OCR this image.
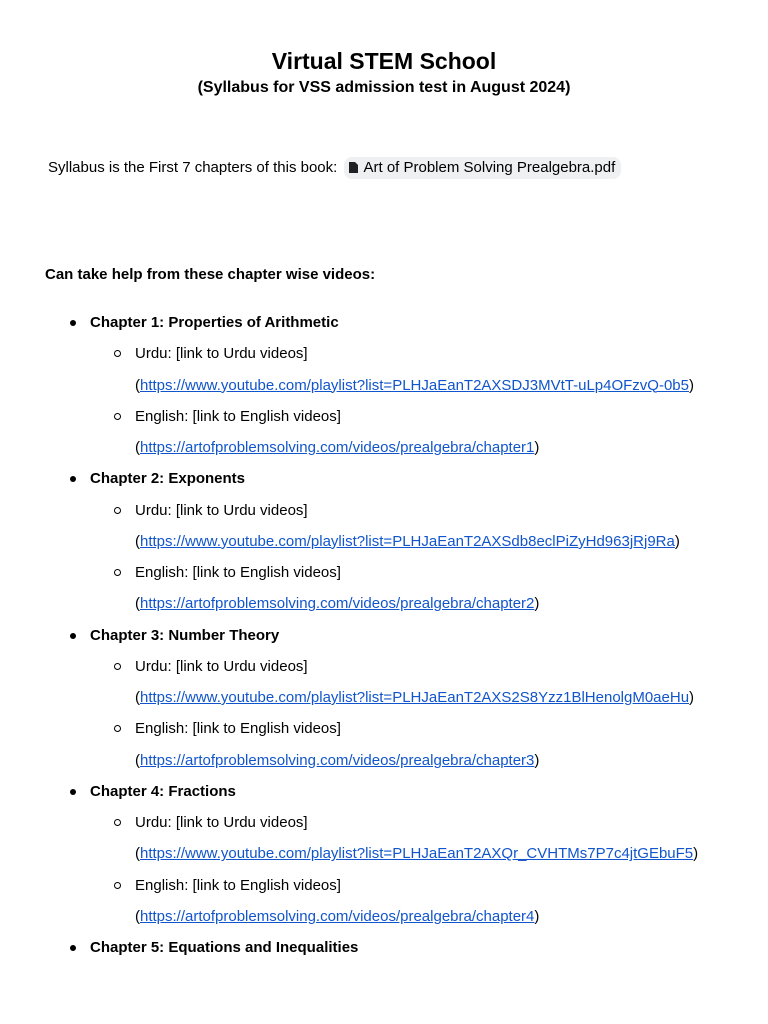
Virtual STEM School
(Syllabus for VSS admission test in August 2024)
Syllabus is the First 7 chapters of this book: Art of Problem Solving Prealgebra.pdf
Can take help from these chapter wise videos:
Chapter 1: Properties of Arithmetic
Urdu: [link to Urdu videos]
(https://www.youtube.com/playlist?list=PLHJaEanT2AXSDJ3MVtT-uLp4OFzvQ-0b5)
English: [link to English videos]
(https://artofproblemsolving.com/videos/prealgebra/chapter1)
Chapter 2: Exponents
Urdu: [link to Urdu videos]
(https://www.youtube.com/playlist?list=PLHJaEanT2AXSdb8eclPiZyHd963jRj9Ra)
English: [link to English videos]
(https://artofproblemsolving.com/videos/prealgebra/chapter2)
Chapter 3: Number Theory
Urdu: [link to Urdu videos]
(https://www.youtube.com/playlist?list=PLHJaEanT2AXS2S8Yzz1BlHenolgM0aeHu)
English: [link to English videos]
(https://artofproblemsolving.com/videos/prealgebra/chapter3)
Chapter 4: Fractions
Urdu: [link to Urdu videos]
(https://www.youtube.com/playlist?list=PLHJaEanT2AXQr_CVHTMs7P7c4jtGEbuF5)
English: [link to English videos]
(https://artofproblemsolving.com/videos/prealgebra/chapter4)
Chapter 5: Equations and Inequalities
